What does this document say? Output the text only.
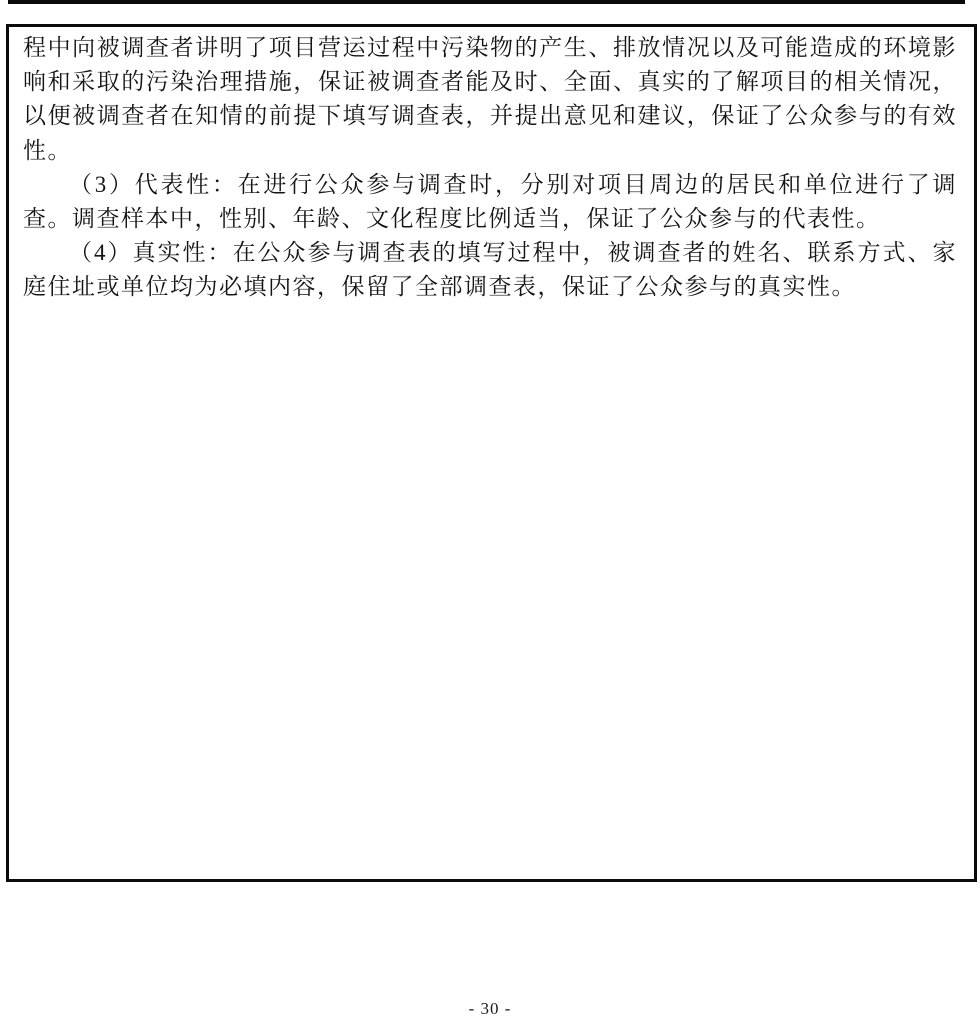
程中向被调查者讲明了项目营运过程中污染物的产生、排放情况以及可能造成的环境影响和采取的污染治理措施，保证被调查者能及时、全面、真实的了解项目的相关情况，以便被调查者在知情的前提下填写调查表，并提出意见和建议，保证了公众参与的有效性。

（3）代表性：在进行公众参与调查时，分别对项目周边的居民和单位进行了调查。调查样本中，性别、年龄、文化程度比例适当，保证了公众参与的代表性。

（4）真实性：在公众参与调查表的填写过程中，被调查者的姓名、联系方式、家庭住址或单位均为必填内容，保留了全部调查表，保证了公众参与的真实性。

- 30 -
